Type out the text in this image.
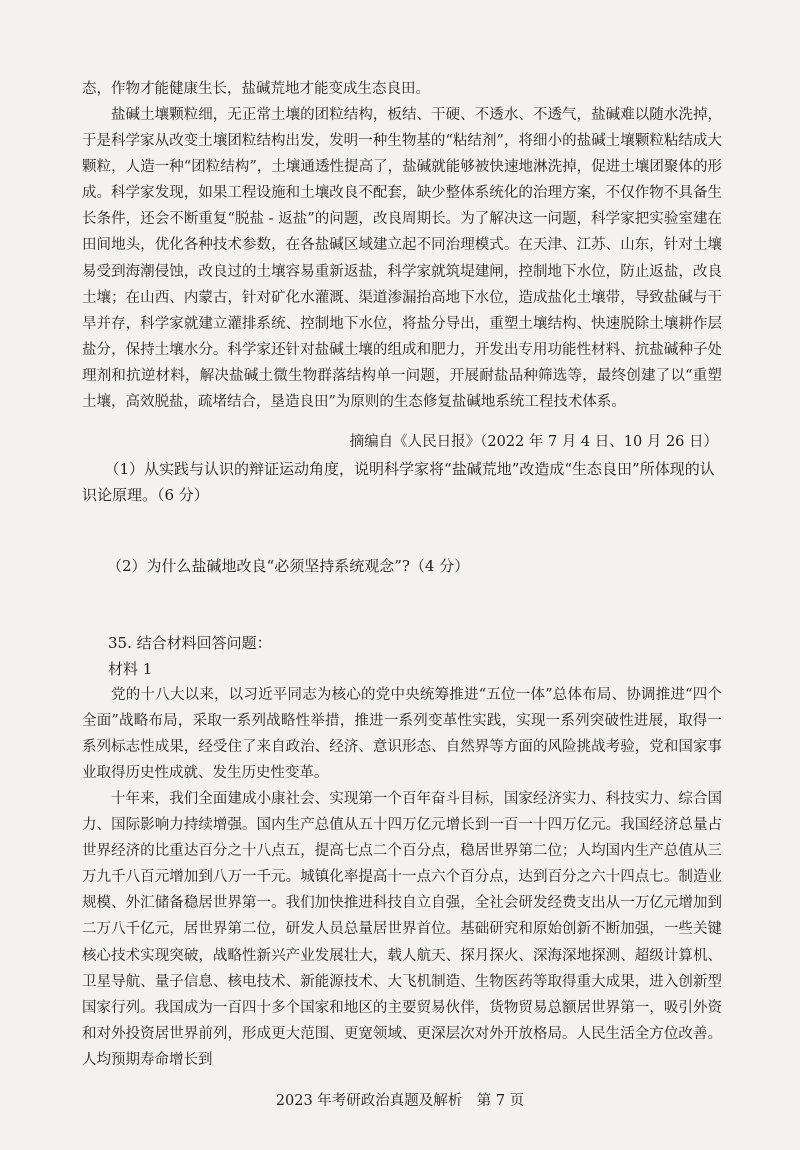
态，作物才能健康生长，盐碱荒地才能变成生态良田。

盐碱土壤颗粒细，无正常土壤的团粒结构，板结、干硬、不透水、不透气，盐碱难以随水洗掉，于是科学家从改变土壤团粒结构出发，发明一种生物基的“粘结剂”，将细小的盐碱土壤颗粒粘结成大颗粒，人造一种“团粒结构”，土壤通透性提高了，盐碱就能够被快速地淋洗掉，促进土壤团聚体的形成。科学家发现，如果工程设施和土壤改良不配套，缺少整体系统化的治理方案，不仅作物不具备生长条件，还会不断重复“脱盐 - 返盐”的问题，改良周期长。为了解决这一问题，科学家把实验室建在田间地头，优化各种技术参数，在各盐碱区域建立起不同治理模式。在天津、江苏、山东，针对土壤易受到海潮侵蚀，改良过的土壤容易重新返盐，科学家就筑堤建闸，控制地下水位，防止返盐，改良土壤；在山西、内蒙古，针对矿化水灌溉、渠道渗漏抬高地下水位，造成盐化土壤带，导致盐碱与干旱并存，科学家就建立灌排系统、控制地下水位，将盐分导出，重塑土壤结构、快速脱除土壤耕作层盐分，保持土壤水分。科学家还针对盐碱土壤的组成和肥力，开发出专用功能性材料、抗盐碱种子处理剂和抗逆材料，解决盐碱土微生物群落结构单一问题，开展耐盐品种筛选等，最终创建了以“重塑土壤，高效脱盐，疏堵结合，垦造良田”为原则的生态修复盐碱地系统工程技术体系。

摘编自《人民日报》（2022 年 7 月 4 日、10 月 26 日）

（1）从实践与认识的辩证运动角度，说明科学家将“盐碱荒地”改造成“生态良田”所体现的认识论原理。（6 分）

（2）为什么盐碱地改良“必须坚持系统观念”?（4 分）

35. 结合材料回答问题：

材料 1

党的十八大以来，以习近平同志为核心的党中央统筹推进“五位一体”总体布局、协调推进“四个全面”战略布局，采取一系列战略性举措，推进一系列变革性实践，实现一系列突破性进展，取得一系列标志性成果，经受住了来自政治、经济、意识形态、自然界等方面的风险挑战考验，党和国家事业取得历史性成就、发生历史性变革。

十年来，我们全面建成小康社会、实现第一个百年奋斗目标，国家经济实力、科技实力、综合国力、国际影响力持续增强。国内生产总值从五十四万亿元增长到一百一十四万亿元。我国经济总量占世界经济的比重达百分之十八点五，提高七点二个百分点，稳居世界第二位；人均国内生产总值从三万九千八百元增加到八万一千元。城镇化率提高十一点六个百分点，达到百分之六十四点七。制造业规模、外汇储备稳居世界第一。我们加快推进科技自立自强，全社会研发经费支出从一万亿元增加到二万八千亿元，居世界第二位，研发人员总量居世界首位。基础研究和原始创新不断加强，一些关键核心技术实现突破，战略性新兴产业发展壮大，载人航天、探月探火、深海深地探测、超级计算机、卫星导航、量子信息、核电技术、新能源技术、大飞机制造、生物医药等取得重大成果，进入创新型国家行列。我国成为一百四十多个国家和地区的主要贸易伙伴，货物贸易总额居世界第一，吸引外资和对外投资居世界前列，形成更大范围、更宽领域、更深层次对外开放格局。人民生活全方位改善。人均预期寿命增长到

2023 年考研政治真题及解析　第 7 页
